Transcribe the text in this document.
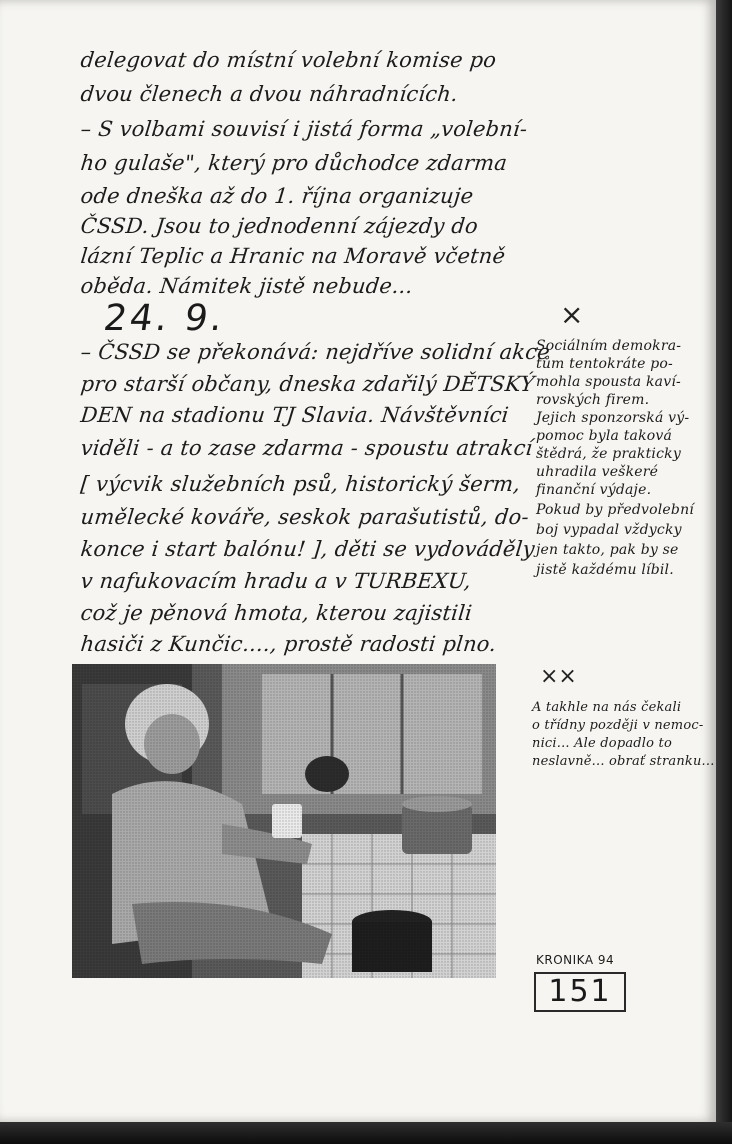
delegovat do místní volební komise po

dvou členech a dvou náhradnících.

– S volbami souvisí i jistá forma „volební-

ho gulaše", který pro důchodce zdarma

ode dneška až do 1. října organizuje

ČSSD. Jsou to jednodenní zájezdy do

lázní Teplic a Hranic na Moravě včetně

oběda. Námitek jistě nebude...

24. 9.

– ČSSD se překonává: nejdříve solidní akce

pro starší občany, dneska zdařilý DĚTSKÝ

DEN na stadionu TJ Slavia. Návštěvníci

viděli - a to zase zdarma - spoustu atrakcí

[ výcvik služebních psů, historický šerm,

umělecké kováře, seskok parašutistů, do-

konce i start balónu! ], děti se vydováděly

v nafukovacím hradu a v TURBEXU,

což je pěnová hmota, kterou zajistili

hasiči z Kunčic...., prostě radosti plno.

×

Sociálním demokra-

tům tentokráte po-

mohla spousta kaví-

rovských firem.

Jejich sponzorská vý-

pomoc byla taková

štědrá, že prakticky

uhradila veškeré

finanční výdaje.

Pokud by předvolební

boj vypadal vždycky

jen takto, pak by se

jistě každému líbil.

××

A takhle na nás čekali

o třídny později v nemoc-

nici... Ale dopadlo to

neslavně... obrať stranku...

KRONIKA 94

151
